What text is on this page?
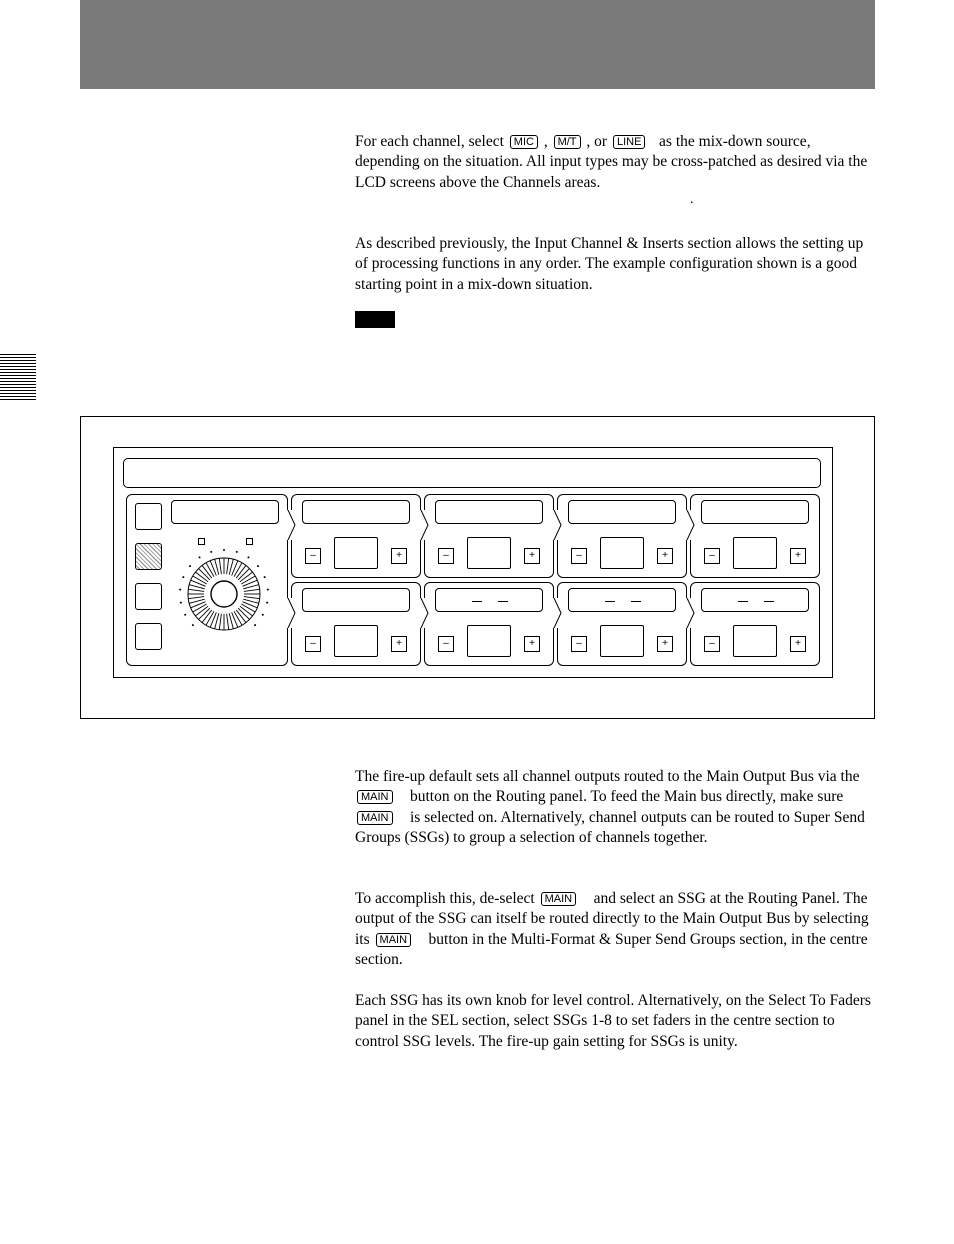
For each channel, select MIC , M/T , or LINE as the mix-down source, depending on the situation. All input types may be cross-patched as desired via the LCD screens above the Channels areas.

.

As described previously, the Input Channel & Inserts section allows the setting up of processing functions in any order. The example configuration shown is a good starting point in a mix-down situation.

–	+	–	+	–	+	–	+
–	+	–	+	–	+	–	+

The fire-up default sets all channel outputs routed to the Main Output Bus via the MAIN button on the Routing panel. To feed the Main bus directly, make sure MAIN is selected on. Alternatively, channel outputs can be routed to Super Send Groups (SSGs) to group a selection of channels together.

To accomplish this, de-select MAIN and select an SSG at the Routing Panel. The output of the SSG can itself be routed directly to the Main Output Bus by selecting its MAIN button in the Multi-Format & Super Send Groups section, in the centre section.

Each SSG has its own knob for level control. Alternatively, on the Select To Faders panel in the SEL section, select SSGs 1-8 to set faders in the centre section to control SSG levels. The fire-up gain setting for SSGs is unity.
